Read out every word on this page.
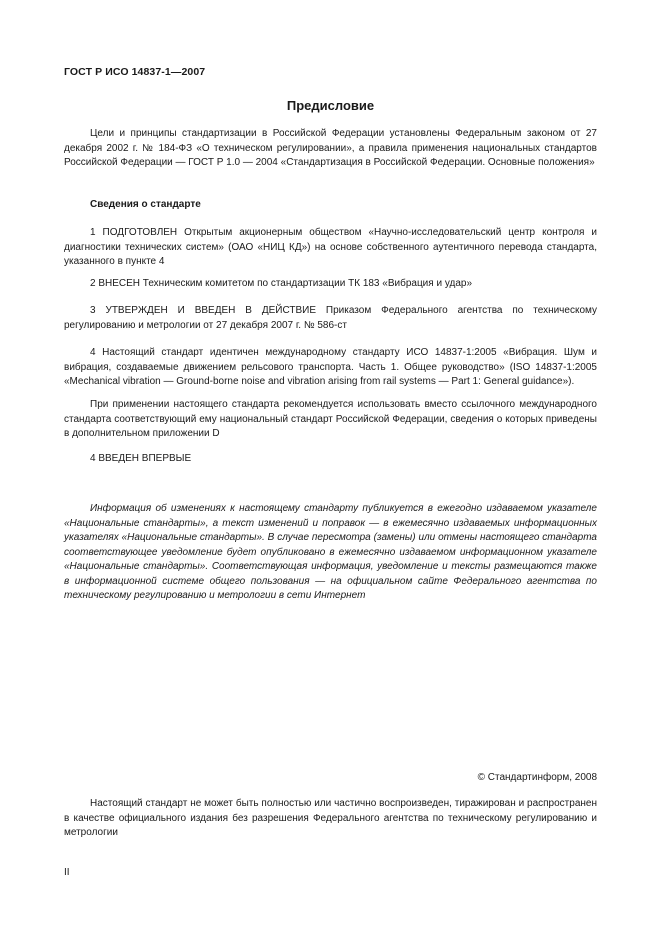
ГОСТ Р ИСО 14837-1—2007
Предисловие

Цели и принципы стандартизации в Российской Федерации установлены Федеральным законом от 27 декабря 2002 г. № 184-ФЗ «О техническом регулировании», а правила применения национальных стандартов Российской Федерации — ГОСТ Р 1.0 — 2004 «Стандартизация в Российской Федерации. Основные положения»

Сведения о стандарте

1 ПОДГОТОВЛЕН Открытым акционерным обществом «Научно-исследовательский центр контроля и диагностики технических систем» (ОАО «НИЦ КД») на основе собственного аутентичного перевода стандарта, указанного в пункте 4

2 ВНЕСЕН Техническим комитетом по стандартизации ТК 183 «Вибрация и удар»

3 УТВЕРЖДЕН И ВВЕДЕН В ДЕЙСТВИЕ Приказом Федерального агентства по техническому регулированию и метрологии от 27 декабря 2007 г. № 586-ст

4 Настоящий стандарт идентичен международному стандарту ИСО 14837-1:2005 «Вибрация. Шум и вибрация, создаваемые движением рельсового транспорта. Часть 1. Общее руководство» (ISO 14837-1:2005 «Mechanical vibration — Ground-borne noise and vibration arising from rail systems — Part 1: General guidance»).

При применении настоящего стандарта рекомендуется использовать вместо ссылочного международного стандарта соответствующий ему национальный стандарт Российской Федерации, сведения о которых приведены в дополнительном приложении D

4 ВВЕДЕН ВПЕРВЫЕ

Информация об изменениях к настоящему стандарту публикуется в ежегодно издаваемом указателе «Национальные стандарты», а текст изменений и поправок — в ежемесячно издаваемых информационных указателях «Национальные стандарты». В случае пересмотра (замены) или отмены настоящего стандарта соответствующее уведомление будет опубликовано в ежемесячно издаваемом информационном указателе «Национальные стандарты». Соответствующая информация, уведомление и тексты размещаются также в информационной системе общего пользования — на официальном сайте Федерального агентства по техническому регулированию и метрологии в сети Интернет

© Стандартинформ, 2008

Настоящий стандарт не может быть полностью или частично воспроизведен, тиражирован и распространен в качестве официального издания без разрешения Федерального агентства по техническому регулированию и метрологии

II
